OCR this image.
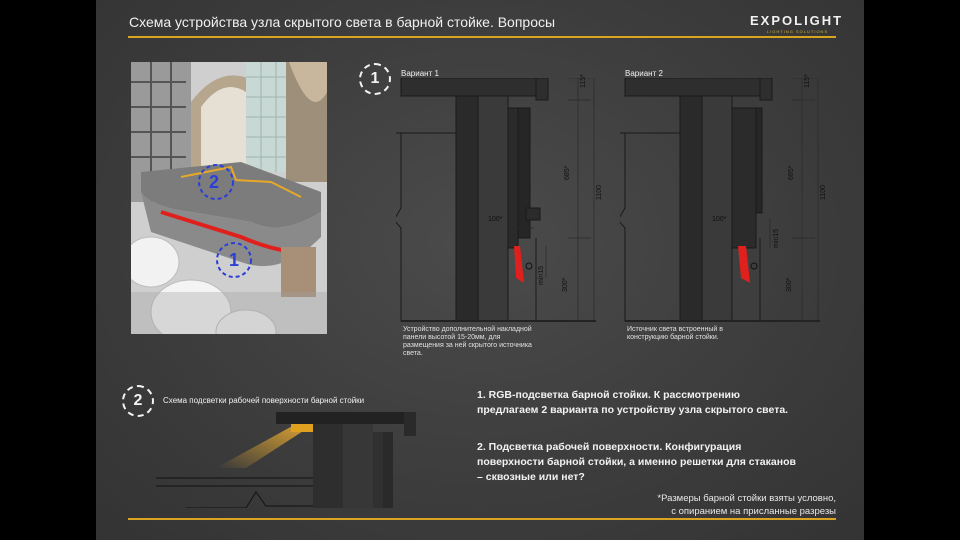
Схема устройства узла скрытого света в барной стойке. Вопросы	EXPOLIGHT
LIGHTING SOLUTIONS
2
1
1	Вариант 1
115*
685*
1100
100*
min15 300*
Устройство дополнительной накладной
панели высотой 15-20мм, для
размещения за ней скрытого источника
света.
Вариант 2
115*
685*
1100
100*
min15
300*
Источник света встроенный в
конструкцию барной стойки.
2	Схема подсветки рабочей поверхности барной стойки	1. RGB-подсветка барной стойки. К рассмотрению
предлагаем 2 варианта по устройству узла скрытого света.
2. Подсветка рабочей поверхности. Конфигурация
поверхности барной стойки, а именно решетки для стаканов
– сквозные или нет?
*Размеры барной стойки взяты условно,
с опиранием на присланные разрезы
